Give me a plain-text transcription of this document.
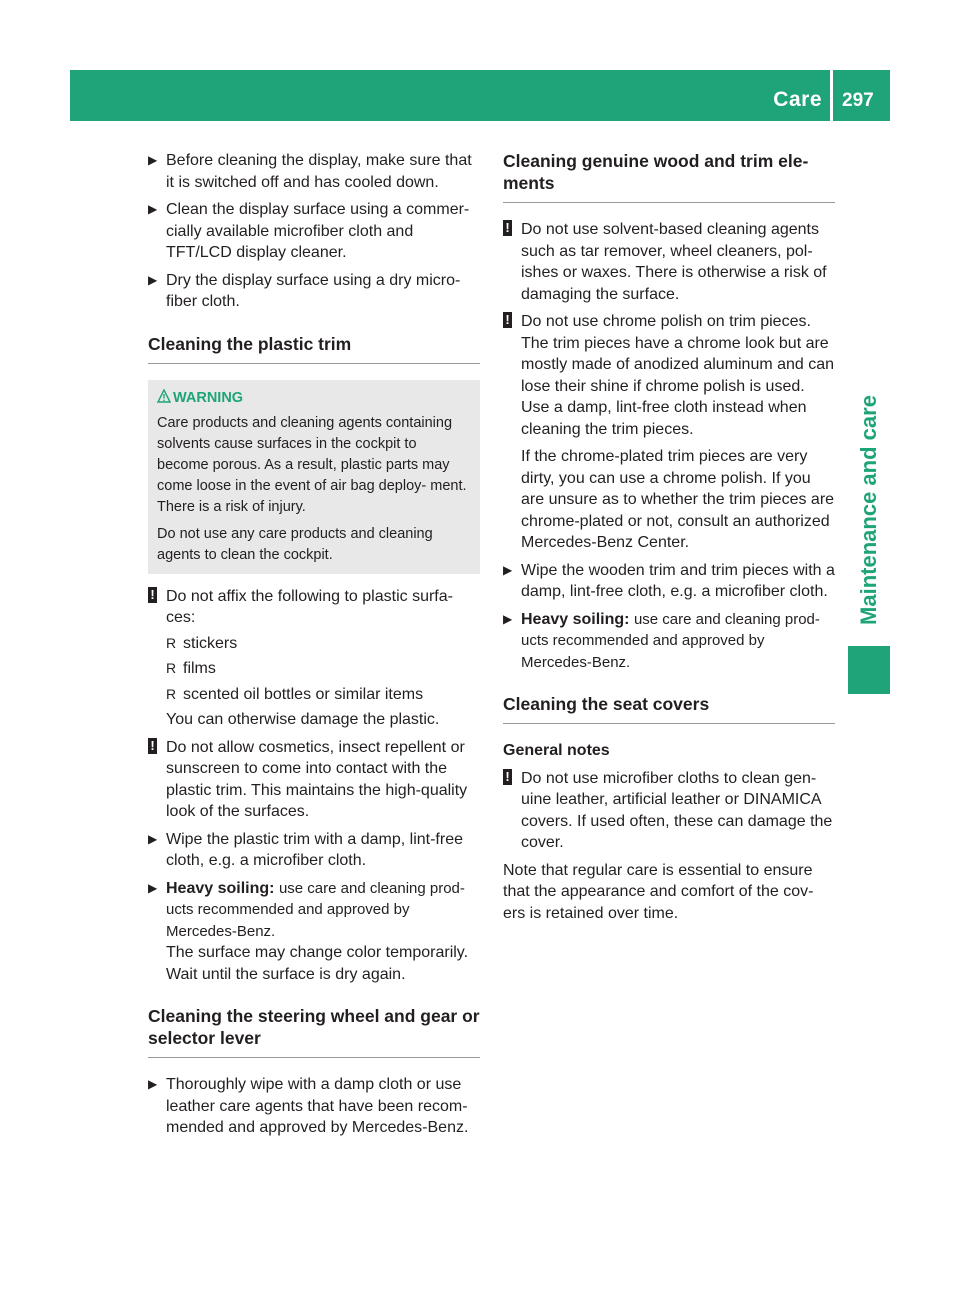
Care 297
Maintenance and care
▶ Before cleaning the display, make sure that it is switched off and has cooled down.
▶ Clean the display surface using a commer- cially available microfiber cloth and TFT/LCD display cleaner.
▶ Dry the display surface using a dry micro- fiber cloth.
Cleaning the plastic trim
WARNING

Care products and cleaning agents containing solvents cause surfaces in the cockpit to become porous. As a result, plastic parts may come loose in the event of air bag deploy- ment. There is a risk of injury.

Do not use any care products and cleaning agents to clean the cockpit.

! Do not affix the following to plastic surfa- ces:

R stickers
R films
R scented oil bottles or similar items

You can otherwise damage the plastic.

! Do not allow cosmetics, insect repellent or sunscreen to come into contact with the plastic trim. This maintains the high-quality look of the surfaces.

▶ Wipe the plastic trim with a damp, lint-free cloth, e.g. a microfiber cloth.
▶ Heavy soiling: use care and cleaning prod- ucts recommended and approved by Mercedes-Benz.
The surface may change color temporarily. Wait until the surface is dry again.
Cleaning the steering wheel and gear or selector lever
▶ Thoroughly wipe with a damp cloth or use leather care agents that have been recom- mended and approved by Mercedes-Benz.
Cleaning genuine wood and trim ele- ments
! Do not use solvent-based cleaning agents such as tar remover, wheel cleaners, pol- ishes or waxes. There is otherwise a risk of damaging the surface.

! Do not use chrome polish on trim pieces. The trim pieces have a chrome look but are mostly made of anodized aluminum and can lose their shine if chrome polish is used. Use a damp, lint-free cloth instead when cleaning the trim pieces.

If the chrome-plated trim pieces are very dirty, you can use a chrome polish. If you are unsure as to whether the trim pieces are chrome-plated or not, consult an authorized Mercedes-Benz Center.

▶ Wipe the wooden trim and trim pieces with a damp, lint-free cloth, e.g. a microfiber cloth.
▶ Heavy soiling: use care and cleaning prod- ucts recommended and approved by Mercedes-Benz.
Cleaning the seat covers
General notes
! Do not use microfiber cloths to clean gen- uine leather, artificial leather or DINAMICA covers. If used often, these can damage the cover.

Note that regular care is essential to ensure that the appearance and comfort of the cov- ers is retained over time.
